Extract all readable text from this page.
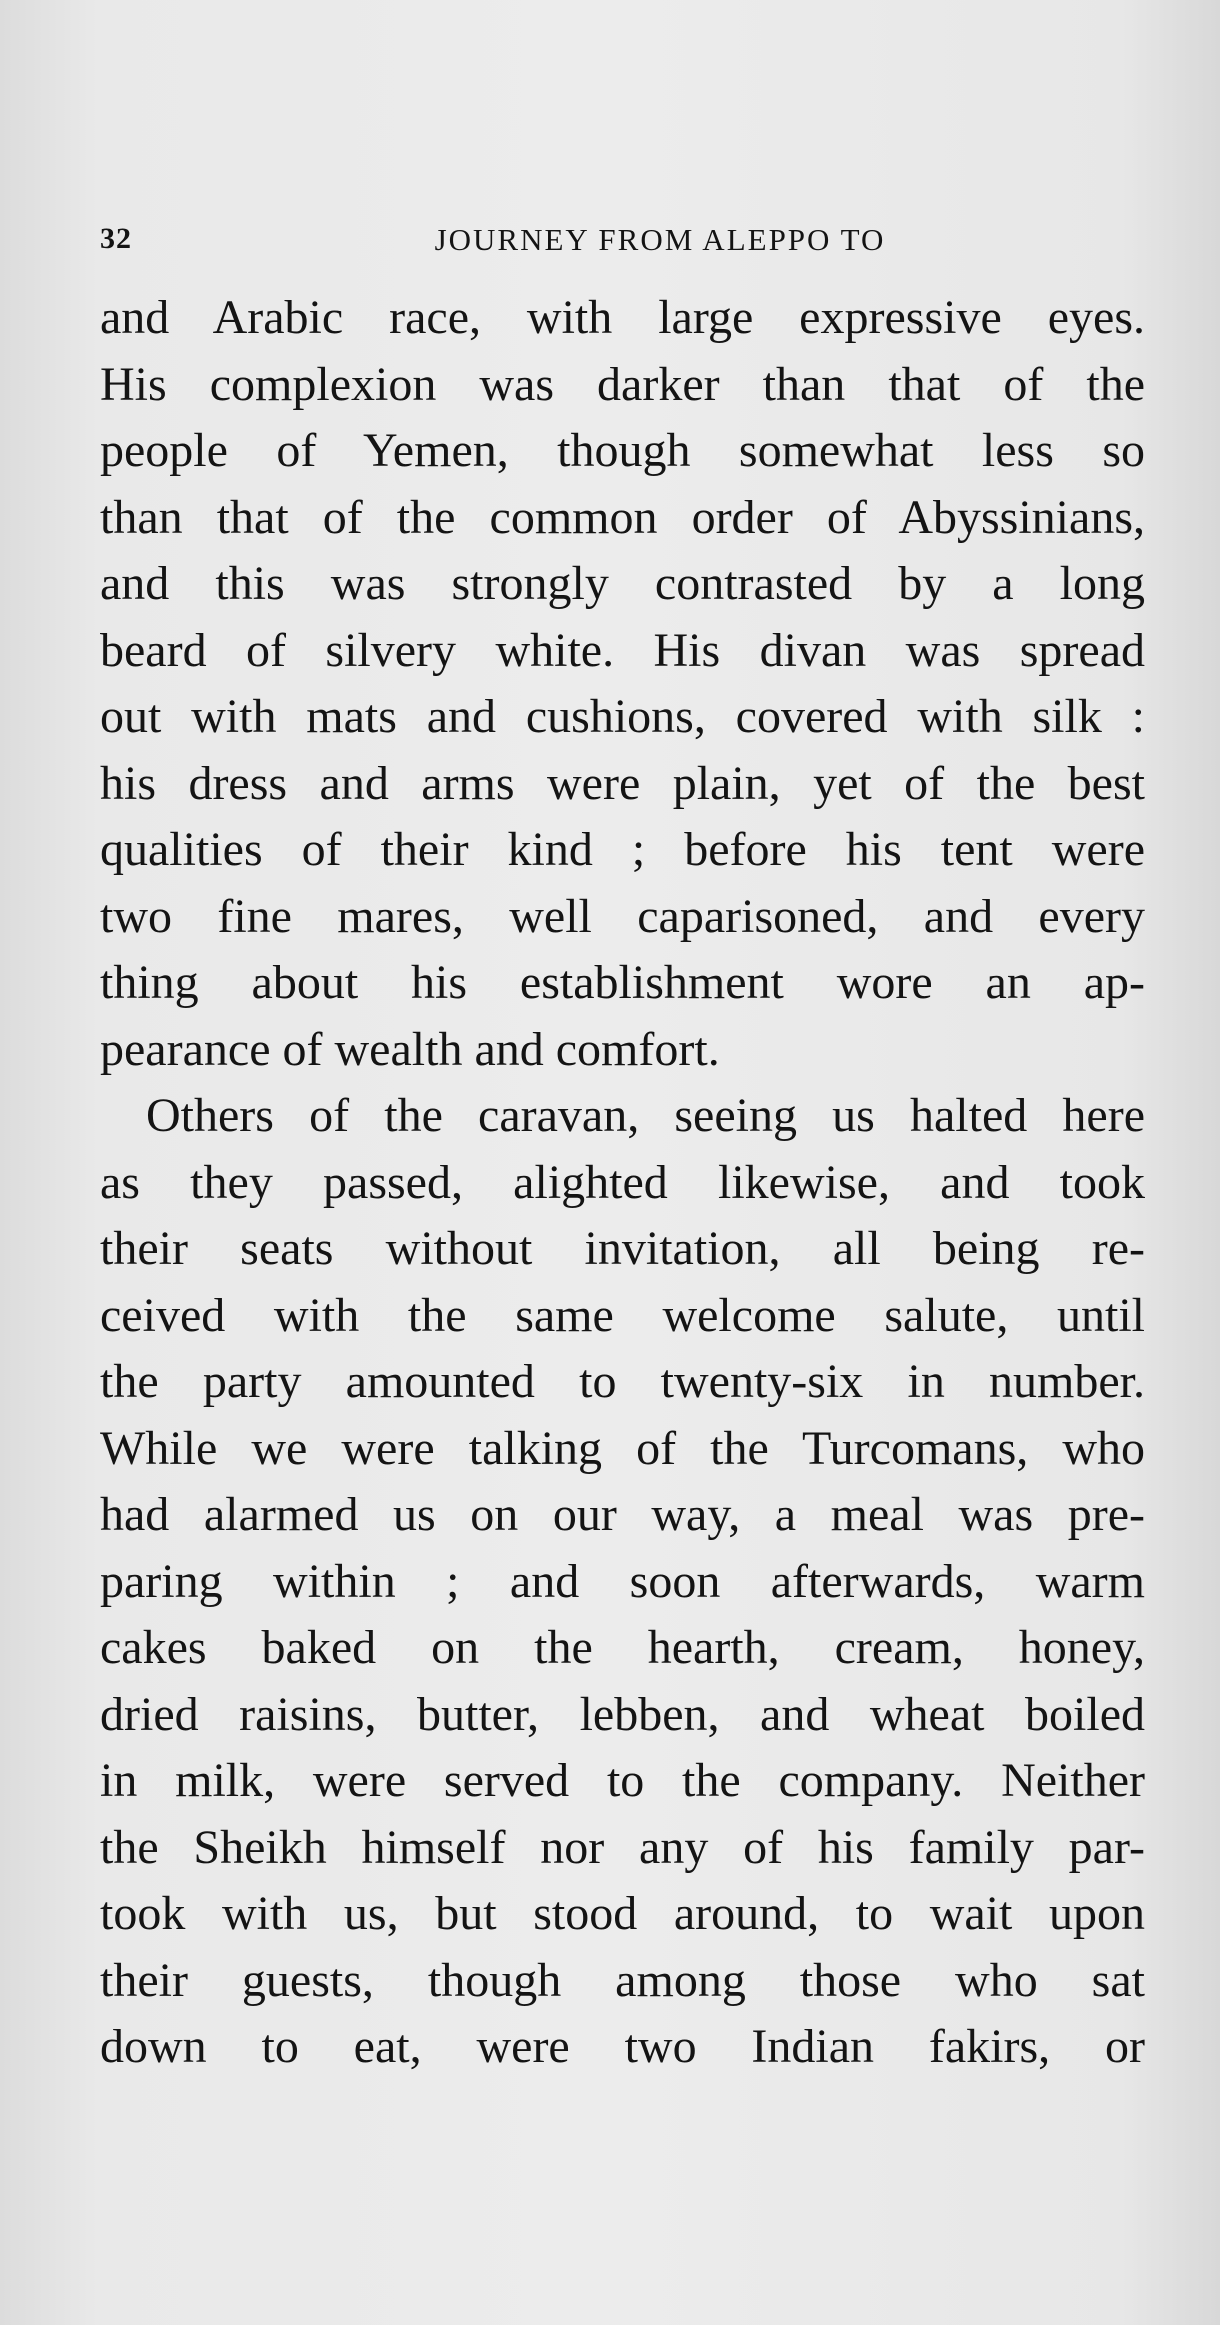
32	JOURNEY FROM ALEPPO TO
and Arabic race, with large expressive eyes.
His complexion was darker than that of the
people of Yemen, though somewhat less so
than that of the common order of Abyssinians,
and this was strongly contrasted by a long
beard of silvery white. His divan was spread
out with mats and cushions, covered with silk :
his dress and arms were plain, yet of the best
qualities of their kind ; before his tent were
two fine mares, well caparisoned, and every
thing about his establishment wore an ap-
pearance of wealth and comfort.
Others of the caravan, seeing us halted here
as they passed, alighted likewise, and took
their seats without invitation, all being re-
ceived with the same welcome salute, until
the party amounted to twenty-six in number.
While we were talking of the Turcomans, who
had alarmed us on our way, a meal was pre-
paring within ; and soon afterwards, warm
cakes baked on the hearth, cream, honey,
dried raisins, butter, lebben, and wheat boiled
in milk, were served to the company. Neither
the Sheikh himself nor any of his family par-
took with us, but stood around, to wait upon
their guests, though among those who sat
down to eat, were two Indian fakirs, or
